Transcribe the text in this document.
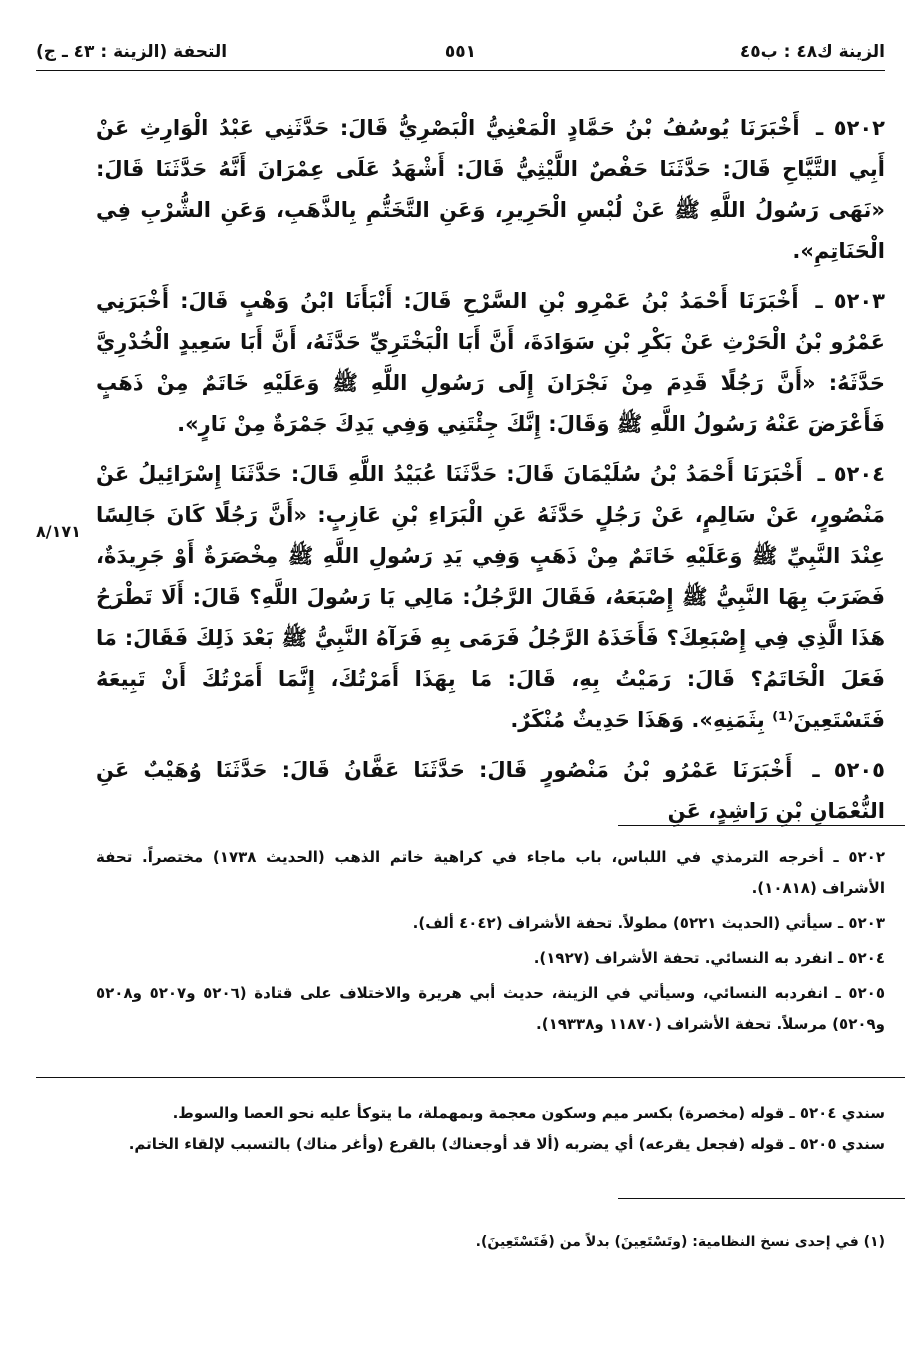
الزينة ك٤٨ : ب٤٥
٥٥١
التحفة (الزينة : ٤٣ ـ ج)
٨/١٧١

٥٢٠٢ ـ أَخْبَرَنَا يُوسُفُ بْنُ حَمَّادٍ الْمَعْنِيُّ الْبَصْرِيُّ قَالَ: حَدَّثَنِي عَبْدُ الْوَارِثِ عَنْ أَبِي التَّيَّاحِ قَالَ: حَدَّثَنَا حَفْصٌ اللَّيْثِيُّ قَالَ: أَشْهَدُ عَلَى عِمْرَانَ أَنَّهُ حَدَّثَنَا قَالَ: «نَهَى رَسُولُ اللَّهِ ﷺ عَنْ لُبْسِ الْحَرِيرِ، وَعَنِ التَّخَتُّمِ بِالذَّهَبِ، وَعَنِ الشُّرْبِ فِي الْحَنَاتِمِ».

٥٢٠٣ ـ أَخْبَرَنَا أَحْمَدُ بْنُ عَمْرِو بْنِ السَّرْحِ قَالَ: أَنْبَأَنَا ابْنُ وَهْبٍ قَالَ: أَخْبَرَنِي عَمْرُو بْنُ الْحَرْثِ عَنْ بَكْرِ بْنِ سَوَادَةَ، أَنَّ أَبَا الْبَخْتَرِيِّ حَدَّثَهُ، أَنَّ أَبَا سَعِيدٍ الْخُدْرِيَّ حَدَّثَهُ: «أَنَّ رَجُلًا قَدِمَ مِنْ نَجْرَانَ إِلَى رَسُولِ اللَّهِ ﷺ وَعَلَيْهِ خَاتَمٌ مِنْ ذَهَبٍ فَأَعْرَضَ عَنْهُ رَسُولُ اللَّهِ ﷺ وَقَالَ: إِنَّكَ جِئْتَنِي وَفِي يَدِكَ جَمْرَةٌ مِنْ نَارٍ».

٥٢٠٤ ـ أَخْبَرَنَا أَحْمَدُ بْنُ سُلَيْمَانَ قَالَ: حَدَّثَنَا عُبَيْدُ اللَّهِ قَالَ: حَدَّثَنَا إِسْرَائِيلُ عَنْ مَنْصُورٍ، عَنْ سَالِمٍ، عَنْ رَجُلٍ حَدَّثَهُ عَنِ الْبَرَاءِ بْنِ عَازِبٍ: «أَنَّ رَجُلًا كَانَ جَالِسًا عِنْدَ النَّبِيِّ ﷺ وَعَلَيْهِ خَاتَمٌ مِنْ ذَهَبٍ وَفِي يَدِ رَسُولِ اللَّهِ ﷺ مِخْصَرَةٌ أَوْ جَرِيدَةٌ، فَضَرَبَ بِهَا النَّبِيُّ ﷺ إِصْبَعَهُ، فَقَالَ الرَّجُلُ: مَالِي يَا رَسُولَ اللَّهِ؟ قَالَ: أَلَا تَطْرَحُ هَذَا الَّذِي فِي إِصْبَعِكَ؟ فَأَخَذَهُ الرَّجُلُ فَرَمَى بِهِ فَرَآهُ النَّبِيُّ ﷺ بَعْدَ ذَلِكَ فَقَالَ: مَا فَعَلَ الْخَاتَمُ؟ قَالَ: رَمَيْتُ بِهِ، قَالَ: مَا بِهَذَا أَمَرْتُكَ، إِنَّمَا أَمَرْتُكَ أَنْ تَبِيعَهُ فَتَسْتَعِينَ⁽¹⁾ بِثَمَنِهِ». وَهَذَا حَدِيثٌ مُنْكَرٌ.

٥٢٠٥ ـ أَخْبَرَنَا عَمْرُو بْنُ مَنْصُورٍ قَالَ: حَدَّثَنَا عَفَّانُ قَالَ: حَدَّثَنَا وُهَيْبٌ عَنِ النُّعْمَانِ بْنِ رَاشِدٍ، عَنِ

٥٢٠٢ ـ أخرجه الترمذي في اللباس، باب ماجاء في كراهية خاتم الذهب (الحديث ١٧٣٨) مختصراً. تحفة الأشراف (١٠٨١٨).

٥٢٠٣ ـ سيأتي (الحديث ٥٢٢١) مطولاً. تحفة الأشراف (٤٠٤٢ ألف).

٥٢٠٤ ـ انفرد به النسائي. تحفة الأشراف (١٩٢٧).

٥٢٠٥ ـ انفردبه النسائي، وسيأتي في الزينة، حديث أبي هريرة والاختلاف على قتادة (٥٢٠٦ و٥٢٠٧ و٥٢٠٨ و٥٢٠٩) مرسلاً. تحفة الأشراف (١١٨٧٠ و١٩٣٣٨).

سندي ٥٢٠٤ ـ قوله (مخصرة) بكسر ميم وسكون معجمة وبمهملة، ما يتوكأ عليه نحو العصا والسوط.

سندي ٥٢٠٥ ـ قوله (فجعل يقرعه) أي يضربه (ألا قد أوجعناك) بالقرع (وأغر مناك) بالتسبب لإلقاء الخاتم.

(١) في إحدى نسخ النظامية: (وتَسْتَعِينَ) بدلاً من (فَتَسْتَعِينَ).
